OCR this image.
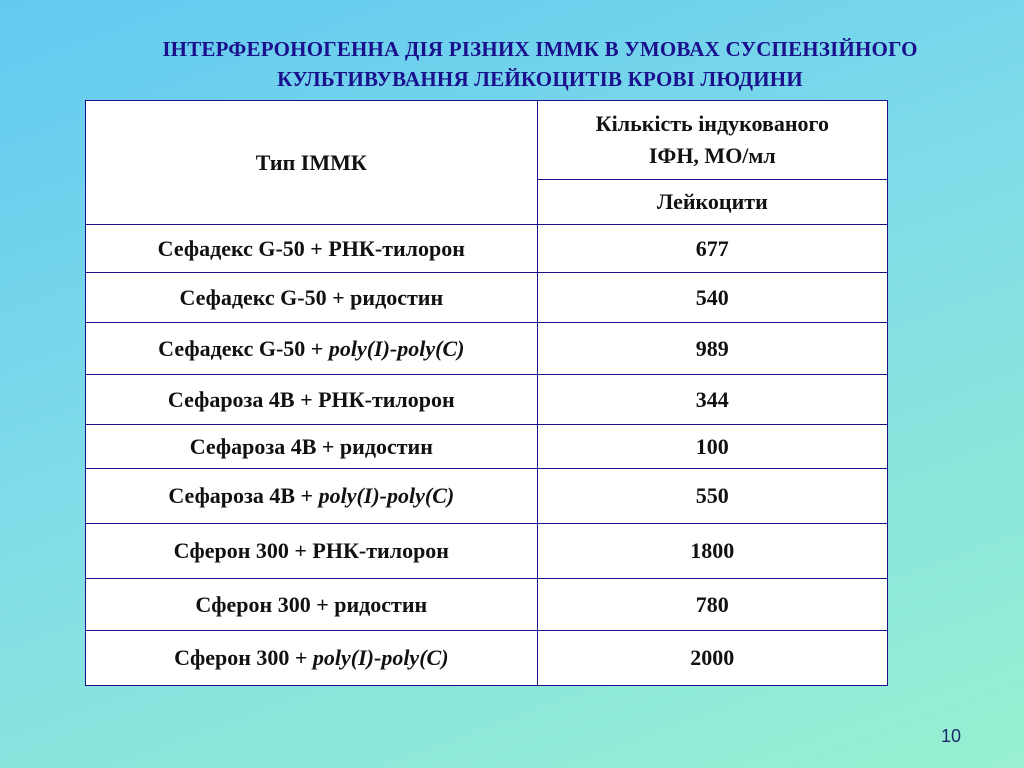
ІНТЕРФЕРОНОГЕННА ДІЯ РІЗНИХ ІММК В УМОВАХ СУСПЕНЗІЙНОГО
КУЛЬТИВУВАННЯ ЛЕЙКОЦИТІВ КРОВІ ЛЮДИНИ
Тип ІММК	Кількість індукованого
ІФН, МО/мл
	Лейкоцити
Сефадекс G-50 + РНК-тилорон	677
Сефадекс G-50 + ридостин	540
Сефадекс G-50 + poly(I)-poly(C)	989
Сефароза 4В + РНК-тилорон	344
Сефароза 4В + ридостин	100
Сефароза 4В + poly(I)-poly(C)	550
Сферон 300 + РНК-тилорон	1800
Сферон 300 + ридостин	780
Сферон 300 + poly(I)-poly(C)	2000
10
